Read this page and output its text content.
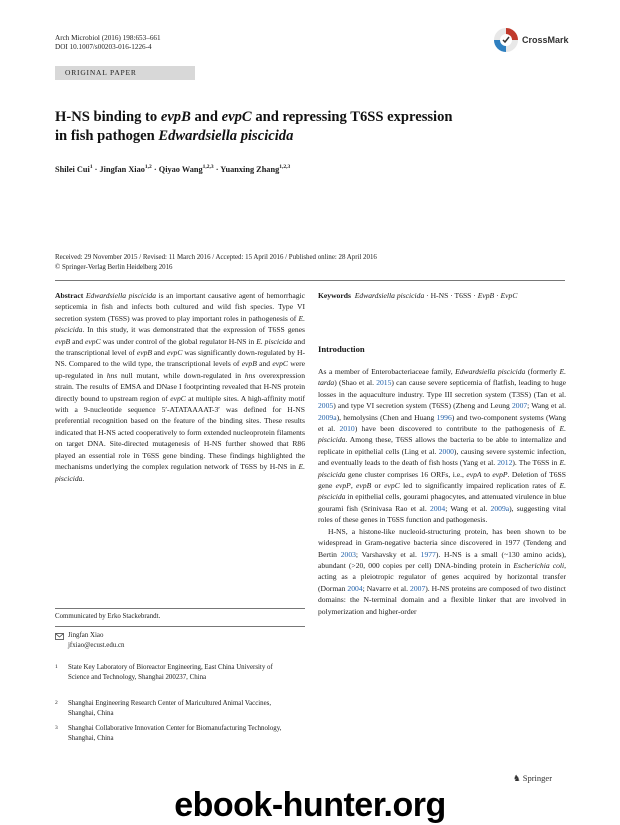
Arch Microbiol (2016) 198:653–661
DOI 10.1007/s00203-016-1226-4
CrossMark
ORIGINAL PAPER
H-NS binding to evpB and evpC and repressing T6SS expression
in fish pathogen Edwardsiella piscicida
Shilei Cui$^1$ · Jingfan Xiao$^{1,2}$ · Qiyao Wang$^{1,2,3}$ · Yuanxing Zhang$^{1,2,3}$
Received: 29 November 2015 / Revised: 11 March 2016 / Accepted: 15 April 2016 / Published online: 28 April 2016
© Springer-Verlag Berlin Heidelberg 2016

Abstract Edwardsiella piscicida is an important causative agent of hemorrhagic septicemia in fish and infects both cultured and wild fish species. Type VI secretion system (T6SS) was proved to play important roles in pathogenesis of E. piscicida. In this study, it was demonstrated that the expression of T6SS genes evpB and evpC was under control of the global regulator H-NS in E. piscicida and the transcriptional level of evpB and evpC was significantly down-regulated by H-NS. Compared to the wild type, the transcriptional levels of evpB and evpC were up-regulated in hns null mutant, while down-regulated in hns overexpression strain. The results of EMSA and DNase I footprinting revealed that H-NS protein directly bound to upstream region of evpC at multiple sites. A high-affinity motif with a 9-nucleotide sequence 5′-ATATAAAAT-3′ was defined for H-NS preferential recognition based on the feature of the binding sites. These results indicated that H-NS acted cooperatively to form extended nucleoprotein filaments on target DNA. Site-directed mutagenesis of H-NS further showed that R86 played an essential role in T6SS gene binding. These findings highlighted the mechanisms underlying the complex regulation network of T6SS by H-NS in E. piscicida.

Communicated by Erko Stackebrandt.
Jingfan Xiao
jfxiao@ecust.edu.cn
1 State Key Laboratory of Bioreactor Engineering, East China University of Science and Technology, Shanghai 200237, China
2 Shanghai Engineering Research Center of Maricultured Animal Vaccines, Shanghai, China
3 Shanghai Collaborative Innovation Center for Biomanufacturing Technology, Shanghai, China

Keywords Edwardsiella piscicida · H-NS · T6SS · EvpB · EvpC

Introduction

As a member of Enterobacteriaceae family, Edwardsiella piscicida (formerly E. tarda) (Shao et al. 2015) can cause severe septicemia of flatfish, leading to huge losses in the aquaculture industry. Type III secretion system (T3SS) (Tan et al. 2005) and type VI secretion system (T6SS) (Zheng and Leung 2007; Wang et al. 2009a), hemolysins (Chen and Huang 1996) and two-component systems (Wang et al. 2010) have been discovered to contribute to the pathogenesis of E. piscicida. Among these, T6SS allows the bacteria to be able to internalize and replicate in epithelial cells (Ling et al. 2000), causing severe systemic infection, and eventually leads to the death of fish hosts (Yang et al. 2012). The T6SS in E. piscicida gene cluster comprises 16 ORFs, i.e., evpA to evpP. Deletion of T6SS gene evpP, evpB or evpC led to significantly impaired replication rates of E. piscicida in epithelial cells, gourami phagocytes, and attenuated virulence in blue gourami fish (Srinivasa Rao et al. 2004; Wang et al. 2009a), suggesting vital roles of these genes in T6SS function and pathogenesis.

H-NS, a histone-like nucleoid-structuring protein, has been shown to be widespread in Gram-negative bacteria since discovered in 1977 (Tendeng and Bertin 2003; Varshavsky et al. 1977). H-NS is a small (~130 amino acids), abundant (>20, 000 copies per cell) DNA-binding protein in Escherichia coli, acting as a pleiotropic regulator of genes acquired by horizontal transfer (Dorman 2004; Navarre et al. 2007). H-NS proteins are composed of two distinct domains: the N-terminal domain and a flexible linker that are involved in polymerization and higher-order

♞ Springer
ebook-hunter.org
